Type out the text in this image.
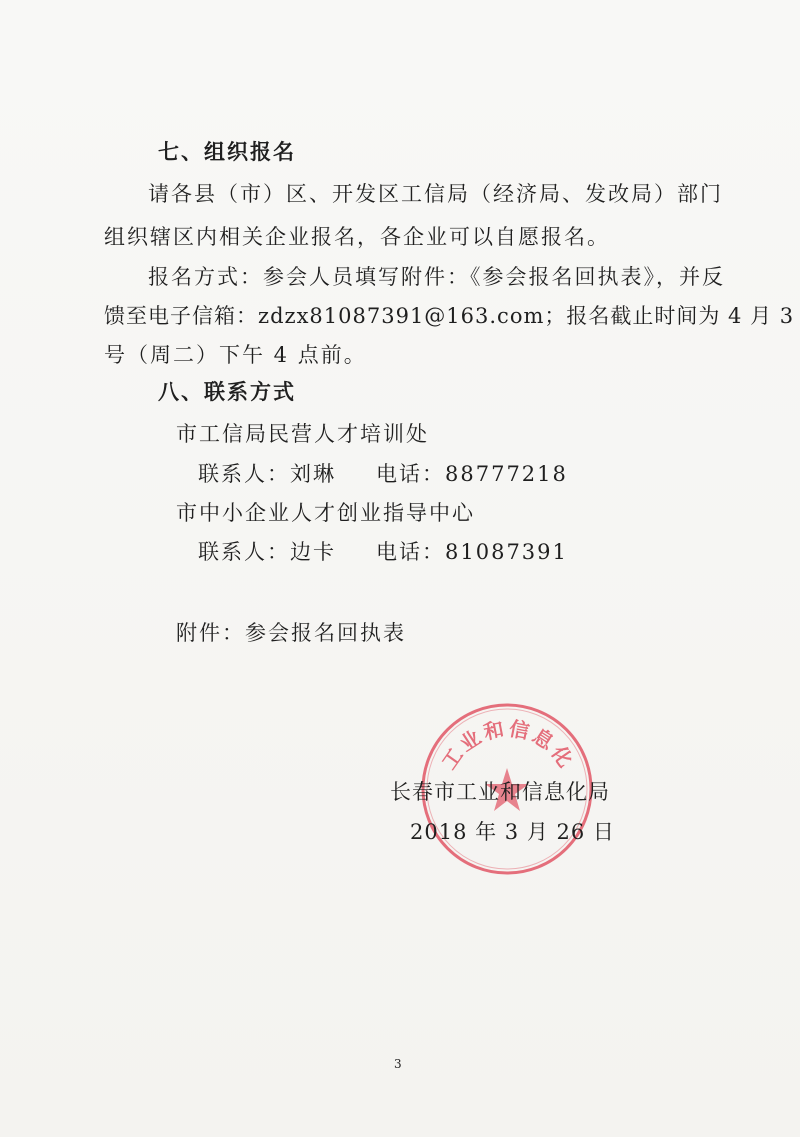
七、组织报名
请各县（市）区、开发区工信局（经济局、发改局）部门
组织辖区内相关企业报名，各企业可以自愿报名。
报名方式：参会人员填写附件：《参会报名回执表》，并反
馈至电子信箱：zdzx81087391@163.com；报名截止时间为 4 月 3
号（周二）下午 4 点前。
八、联系方式
市工信局民营人才培训处
联系人：刘琳 电话：88777218
市中小企业人才创业指导中心
联系人：边卡 电话：81087391
附件：参会报名回执表
工业和信息化
长春市工业和信息化局
2018 年 3 月 26 日
3
